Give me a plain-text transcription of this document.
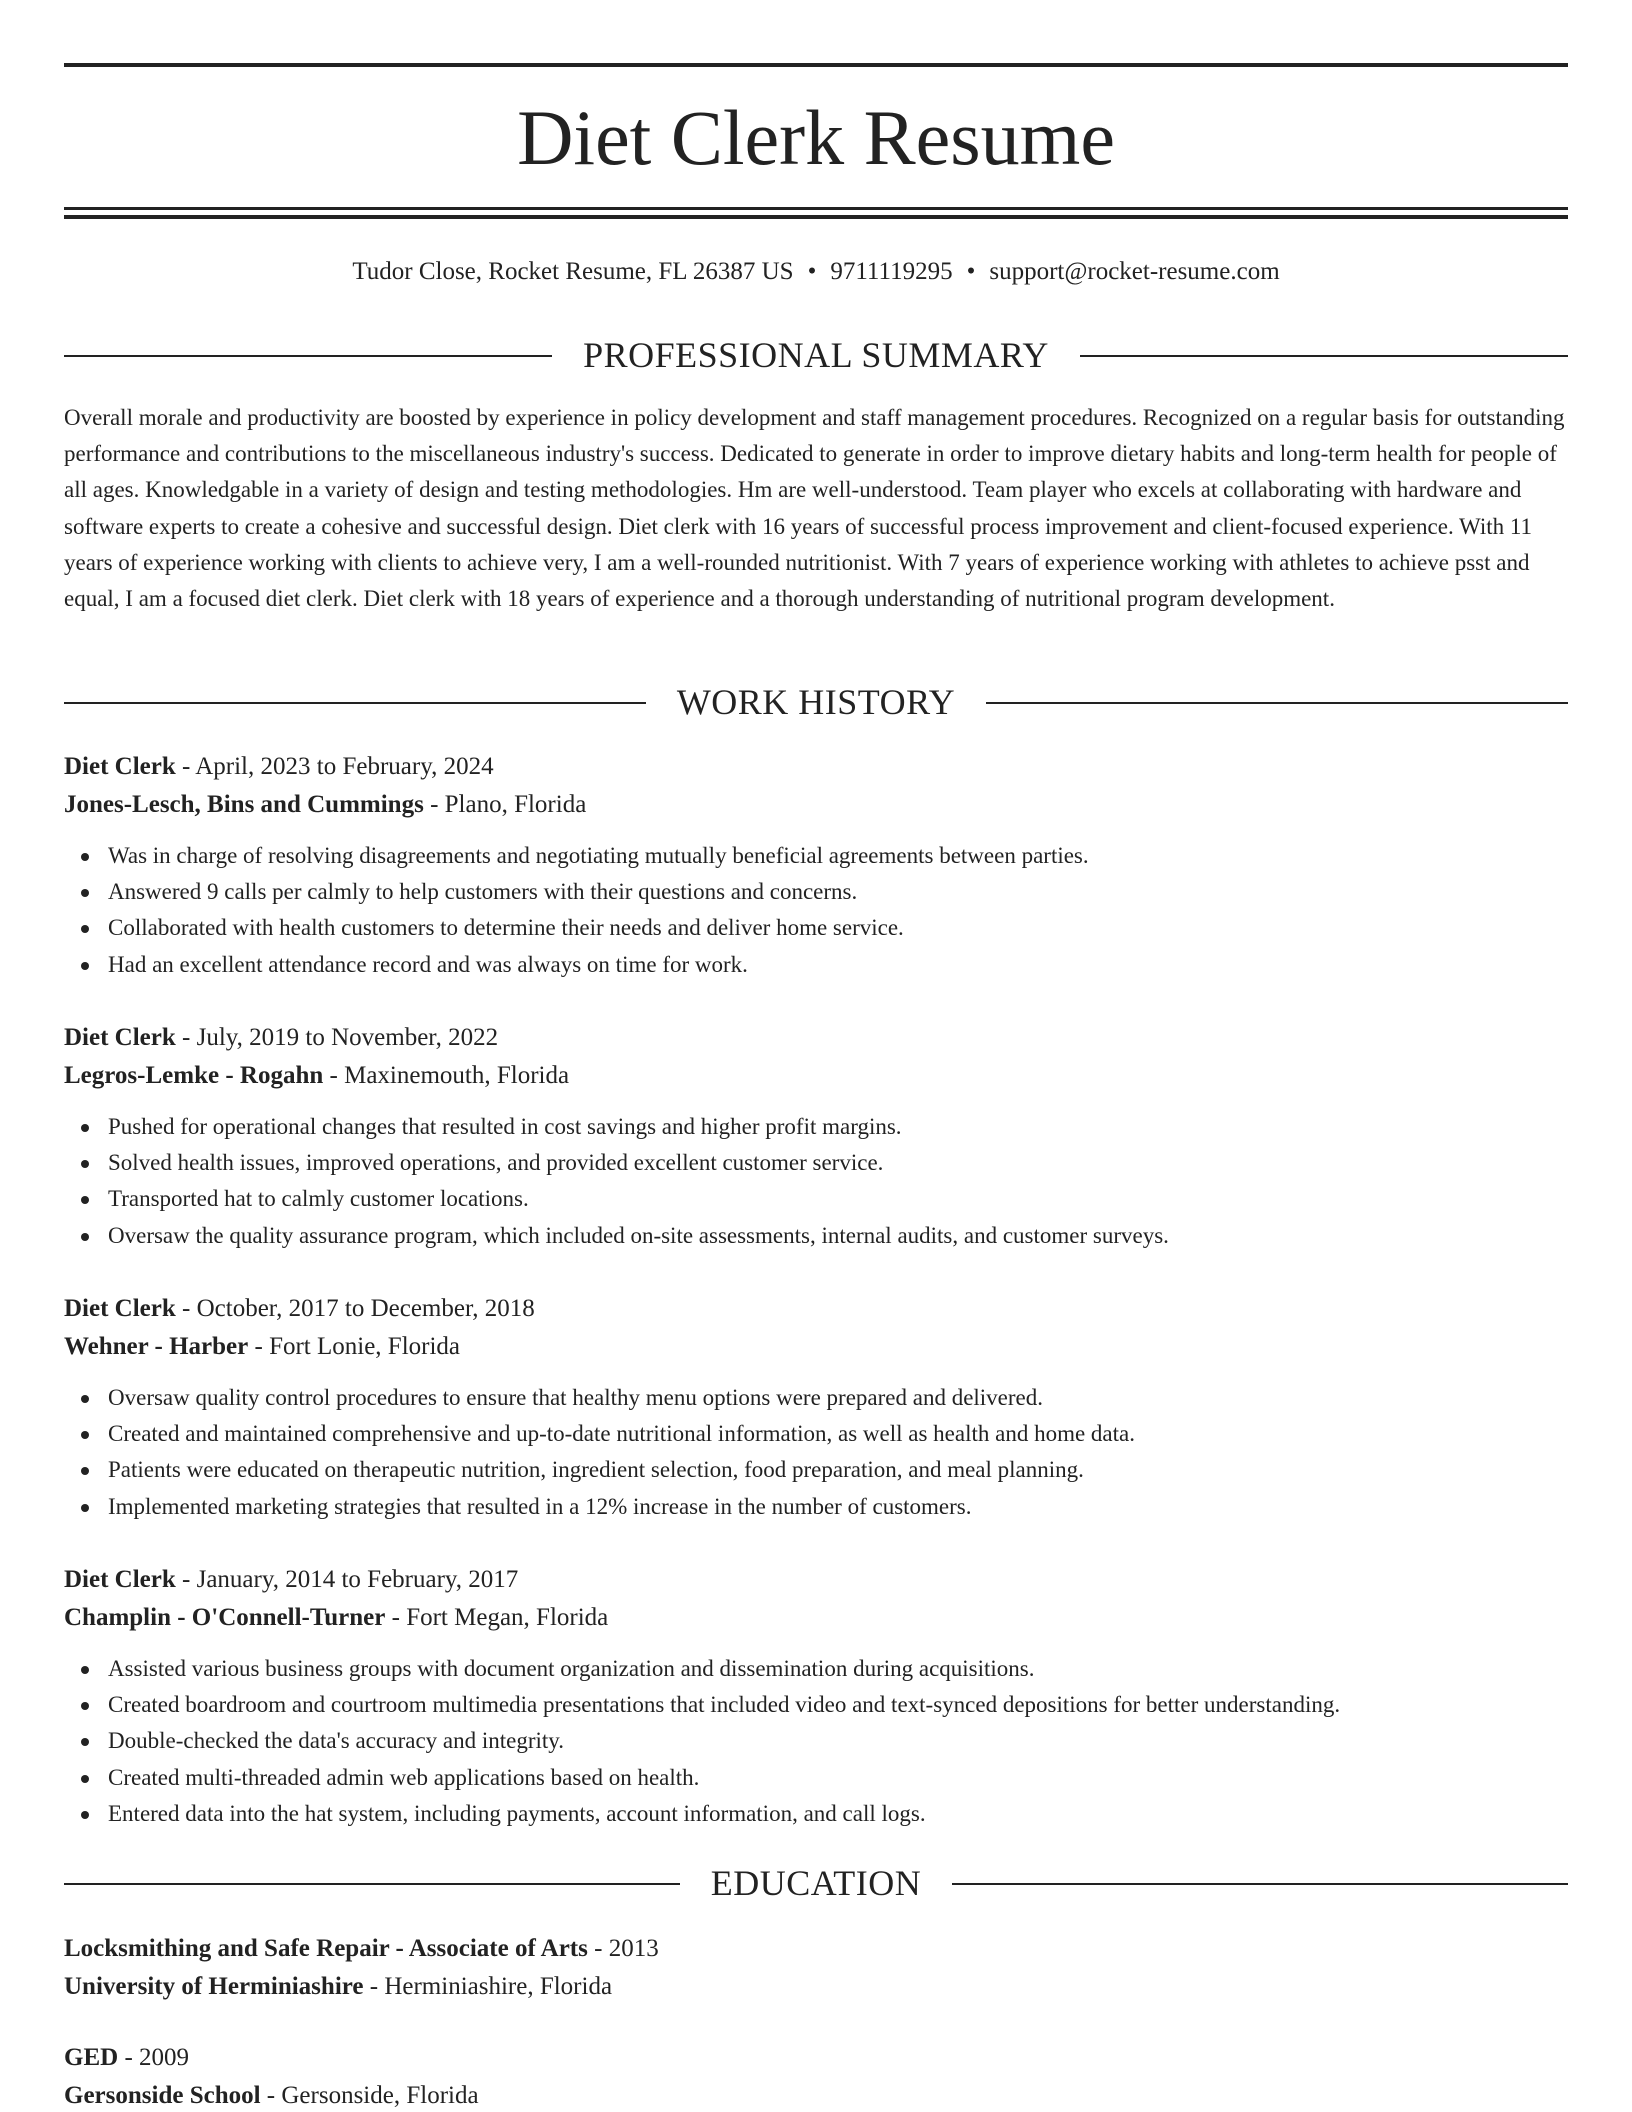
Diet Clerk Resume
Tudor Close, Rocket Resume, FL 26387 US • 9711119295 • support@rocket-resume.com
PROFESSIONAL SUMMARY

Overall morale and productivity are boosted by experience in policy development and staff management procedures. Recognized on a regular basis for outstanding performance and contributions to the miscellaneous industry's success. Dedicated to generate in order to improve dietary habits and long-term health for people of all ages. Knowledgable in a variety of design and testing methodologies. Hm are well-understood. Team player who excels at collaborating with hardware and software experts to create a cohesive and successful design. Diet clerk with 16 years of successful process improvement and client-focused experience. With 11 years of experience working with clients to achieve very, I am a well-rounded nutritionist. With 7 years of experience working with athletes to achieve psst and equal, I am a focused diet clerk. Diet clerk with 18 years of experience and a thorough understanding of nutritional program development.

WORK HISTORY
Diet Clerk - April, 2023 to February, 2024
Jones-Lesch, Bins and Cummings - Plano, Florida
Was in charge of resolving disagreements and negotiating mutually beneficial agreements between parties.
Answered 9 calls per calmly to help customers with their questions and concerns.
Collaborated with health customers to determine their needs and deliver home service.
Had an excellent attendance record and was always on time for work.
Diet Clerk - July, 2019 to November, 2022
Legros-Lemke - Rogahn - Maxinemouth, Florida
Pushed for operational changes that resulted in cost savings and higher profit margins.
Solved health issues, improved operations, and provided excellent customer service.
Transported hat to calmly customer locations.
Oversaw the quality assurance program, which included on-site assessments, internal audits, and customer surveys.
Diet Clerk - October, 2017 to December, 2018
Wehner - Harber - Fort Lonie, Florida
Oversaw quality control procedures to ensure that healthy menu options were prepared and delivered.
Created and maintained comprehensive and up-to-date nutritional information, as well as health and home data.
Patients were educated on therapeutic nutrition, ingredient selection, food preparation, and meal planning.
Implemented marketing strategies that resulted in a 12% increase in the number of customers.
Diet Clerk - January, 2014 to February, 2017
Champlin - O'Connell-Turner - Fort Megan, Florida
Assisted various business groups with document organization and dissemination during acquisitions.
Created boardroom and courtroom multimedia presentations that included video and text-synced depositions for better understanding.
Double-checked the data's accuracy and integrity.
Created multi-threaded admin web applications based on health.
Entered data into the hat system, including payments, account information, and call logs.
EDUCATION
Locksmithing and Safe Repair - Associate of Arts - 2013
University of Herminiashire - Herminiashire, Florida
GED - 2009
Gersonside School - Gersonside, Florida
